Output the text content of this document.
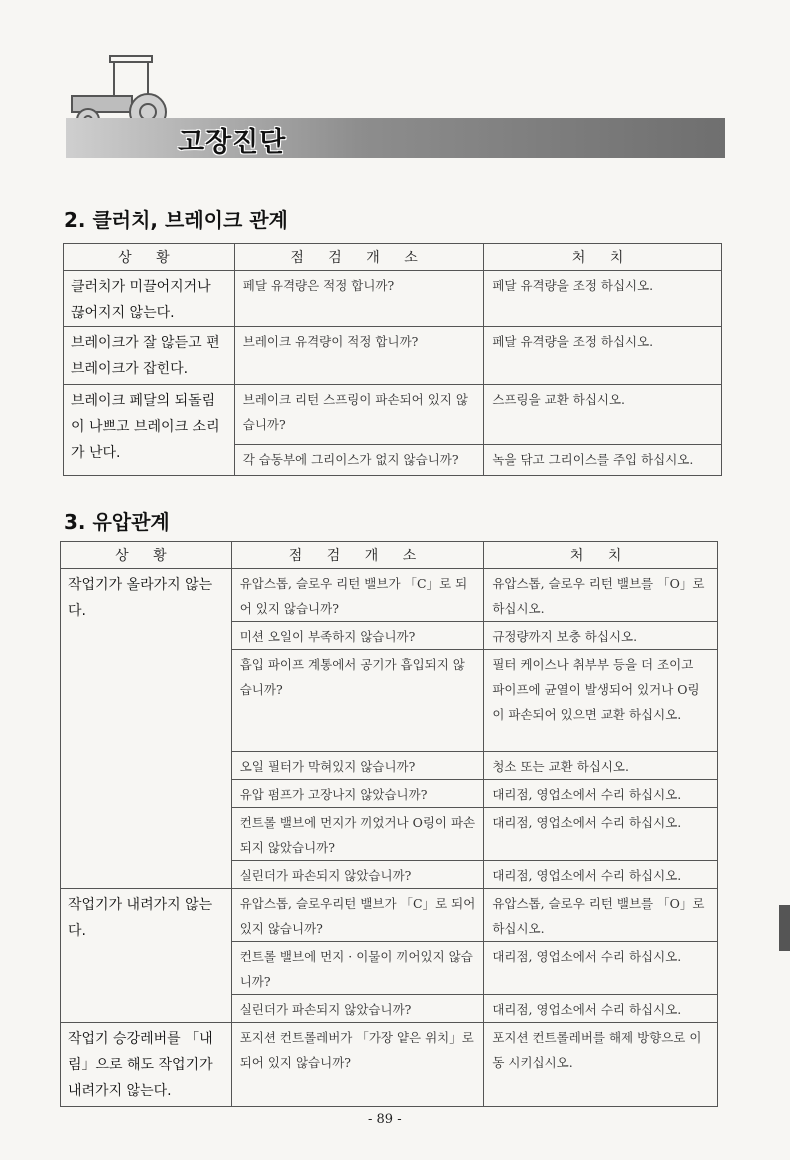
고장진단
2. 클러치, 브레이크 관계
상 황	점 검 개 소	처 치
클러치가 미끌어지거나 끊어지지 않는다.	페달 유격량은 적정 합니까?	페달 유격량을 조정 하십시오.
브레이크가 잘 않듣고 편브레이크가 잡힌다.	브레이크 유격량이 적정 합니까?	페달 유격량을 조정 하십시오.
브레이크 페달의 되돌림이 나쁘고 브레이크 소리가 난다.	브레이크 리턴 스프링이 파손되어 있지 않습니까?	스프링을 교환 하십시오.
	각 습동부에 그리이스가 없지 않습니까?	녹을 닦고 그리이스를 주입 하십시오.
3. 유압관계
상 황	점 검 개 소	처 치
작업기가 올라가지 않는다.	유압스톱, 슬로우 리턴 밸브가 「C」로 되어 있지 않습니까?	유압스톱, 슬로우 리턴 밸브를 「O」로 하십시오.
	미션 오일이 부족하지 않습니까?	규정량까지 보충 하십시오.
	흡입 파이프 계통에서 공기가 흡입되지 않습니까?	필터 케이스나 취부부 등을 더 조이고 파이프에 균열이 발생되어 있거나 O링이 파손되어 있으면 교환 하십시오.
	오일 필터가 막혀있지 않습니까?	청소 또는 교환 하십시오.
	유압 펌프가 고장나지 않았습니까?	대리점, 영업소에서 수리 하십시오.
	컨트롤 밸브에 먼지가 끼었거나 O링이 파손되지 않았습니까?	대리점, 영업소에서 수리 하십시오.
	실린더가 파손되지 않았습니까?	대리점, 영업소에서 수리 하십시오.
작업기가 내려가지 않는다.	유압스톱, 슬로우리턴 밸브가 「C」로 되어있지 않습니까?	유압스톱, 슬로우 리턴 밸브를 「O」로 하십시오.
	컨트롤 밸브에 먼지 · 이물이 끼어있지 않습니까?	대리점, 영업소에서 수리 하십시오.
	실린더가 파손되지 않았습니까?	대리점, 영업소에서 수리 하십시오.
작업기 승강레버를 「내림」으로 해도 작업기가 내려가지 않는다.	포지션 컨트롤레버가 「가장 얕은 위치」로 되어 있지 않습니까?	포지션 컨트롤레버를 해제 방향으로 이동 시키십시오.
- 89 -
